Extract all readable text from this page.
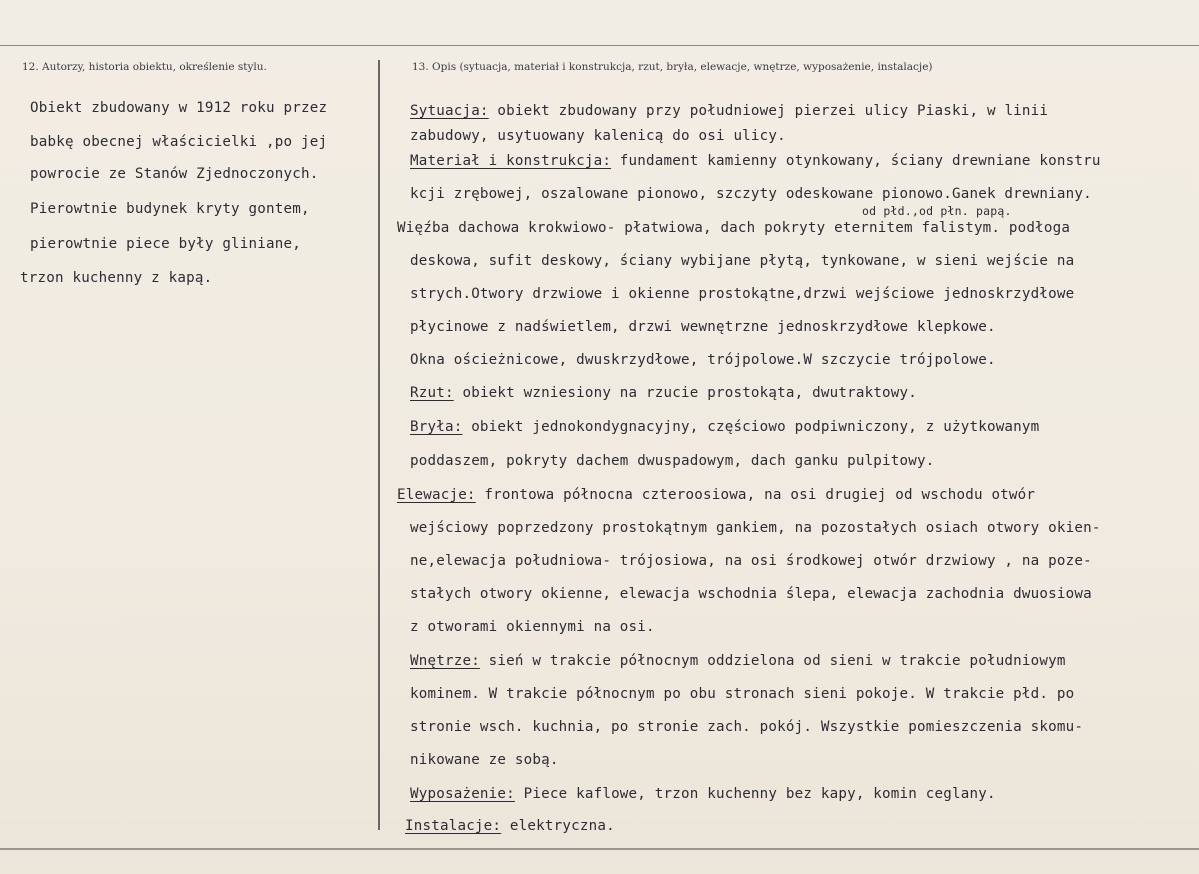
12. Autorzy, historia obiektu, określenie stylu.	13. Opis (sytuacja, materiał i konstrukcja, rzut, bryła, elewacje, wnętrze, wyposażenie, instalacje)
Obiekt zbudowany w 1912 roku przez
babkę obecnej właścicielki ,po jej
powrocie ze Stanów Zjednoczonych.
Pierowtnie budynek kryty gontem,
pierowtnie piece były gliniane,
trzon kuchenny z kapą.
Sytuacja: obiekt zbudowany przy południowej pierzei ulicy Piaski, w linii
zabudowy, usytuowany kalenicą do osi ulicy.
Materiał i konstrukcja: fundament kamienny otynkowany, ściany drewniane konstru
kcji zrębowej, oszalowane pionowo, szczyty odeskowane pionowo.Ganek drewniany.
od płd.,od płn. papą.
Więźba dachowa krokwiowo- płatwiowa, dach pokryty eternitem falistym. podłoga
deskowa, sufit deskowy, ściany wybijane płytą, tynkowane, w sieni wejście na
strych.Otwory drzwiowe i okienne prostokątne,drzwi wejściowe jednoskrzydłowe
płycinowe z nadświetlem, drzwi wewnętrzne jednoskrzydłowe klepkowe.
Okna ościeżnicowe, dwuskrzydłowe, trójpolowe.W szczycie trójpolowe.
Rzut: obiekt wzniesiony na rzucie prostokąta, dwutraktowy.
Bryła: obiekt jednokondygnacyjny, częściowo podpiwniczony, z użytkowanym
poddaszem, pokryty dachem dwuspadowym, dach ganku pulpitowy.
Elewacje: frontowa północna czteroosiowa, na osi drugiej od wschodu otwór
wejściowy poprzedzony prostokątnym gankiem, na pozostałych osiach otwory okien-
ne,elewacja południowa- trójosiowa, na osi środkowej otwór drzwiowy , na poze-
stałych otwory okienne, elewacja wschodnia ślepa, elewacja zachodnia dwuosiowa
z otworami okiennymi na osi.
Wnętrze: sień w trakcie północnym oddzielona od sieni w trakcie południowym
kominem. W trakcie północnym po obu stronach sieni pokoje. W trakcie płd. po
stronie wsch. kuchnia, po stronie zach. pokój. Wszystkie pomieszczenia skomu-
nikowane ze sobą.
Wyposażenie: Piece kaflowe, trzon kuchenny bez kapy, komin ceglany.
Instalacje: elektryczna.
